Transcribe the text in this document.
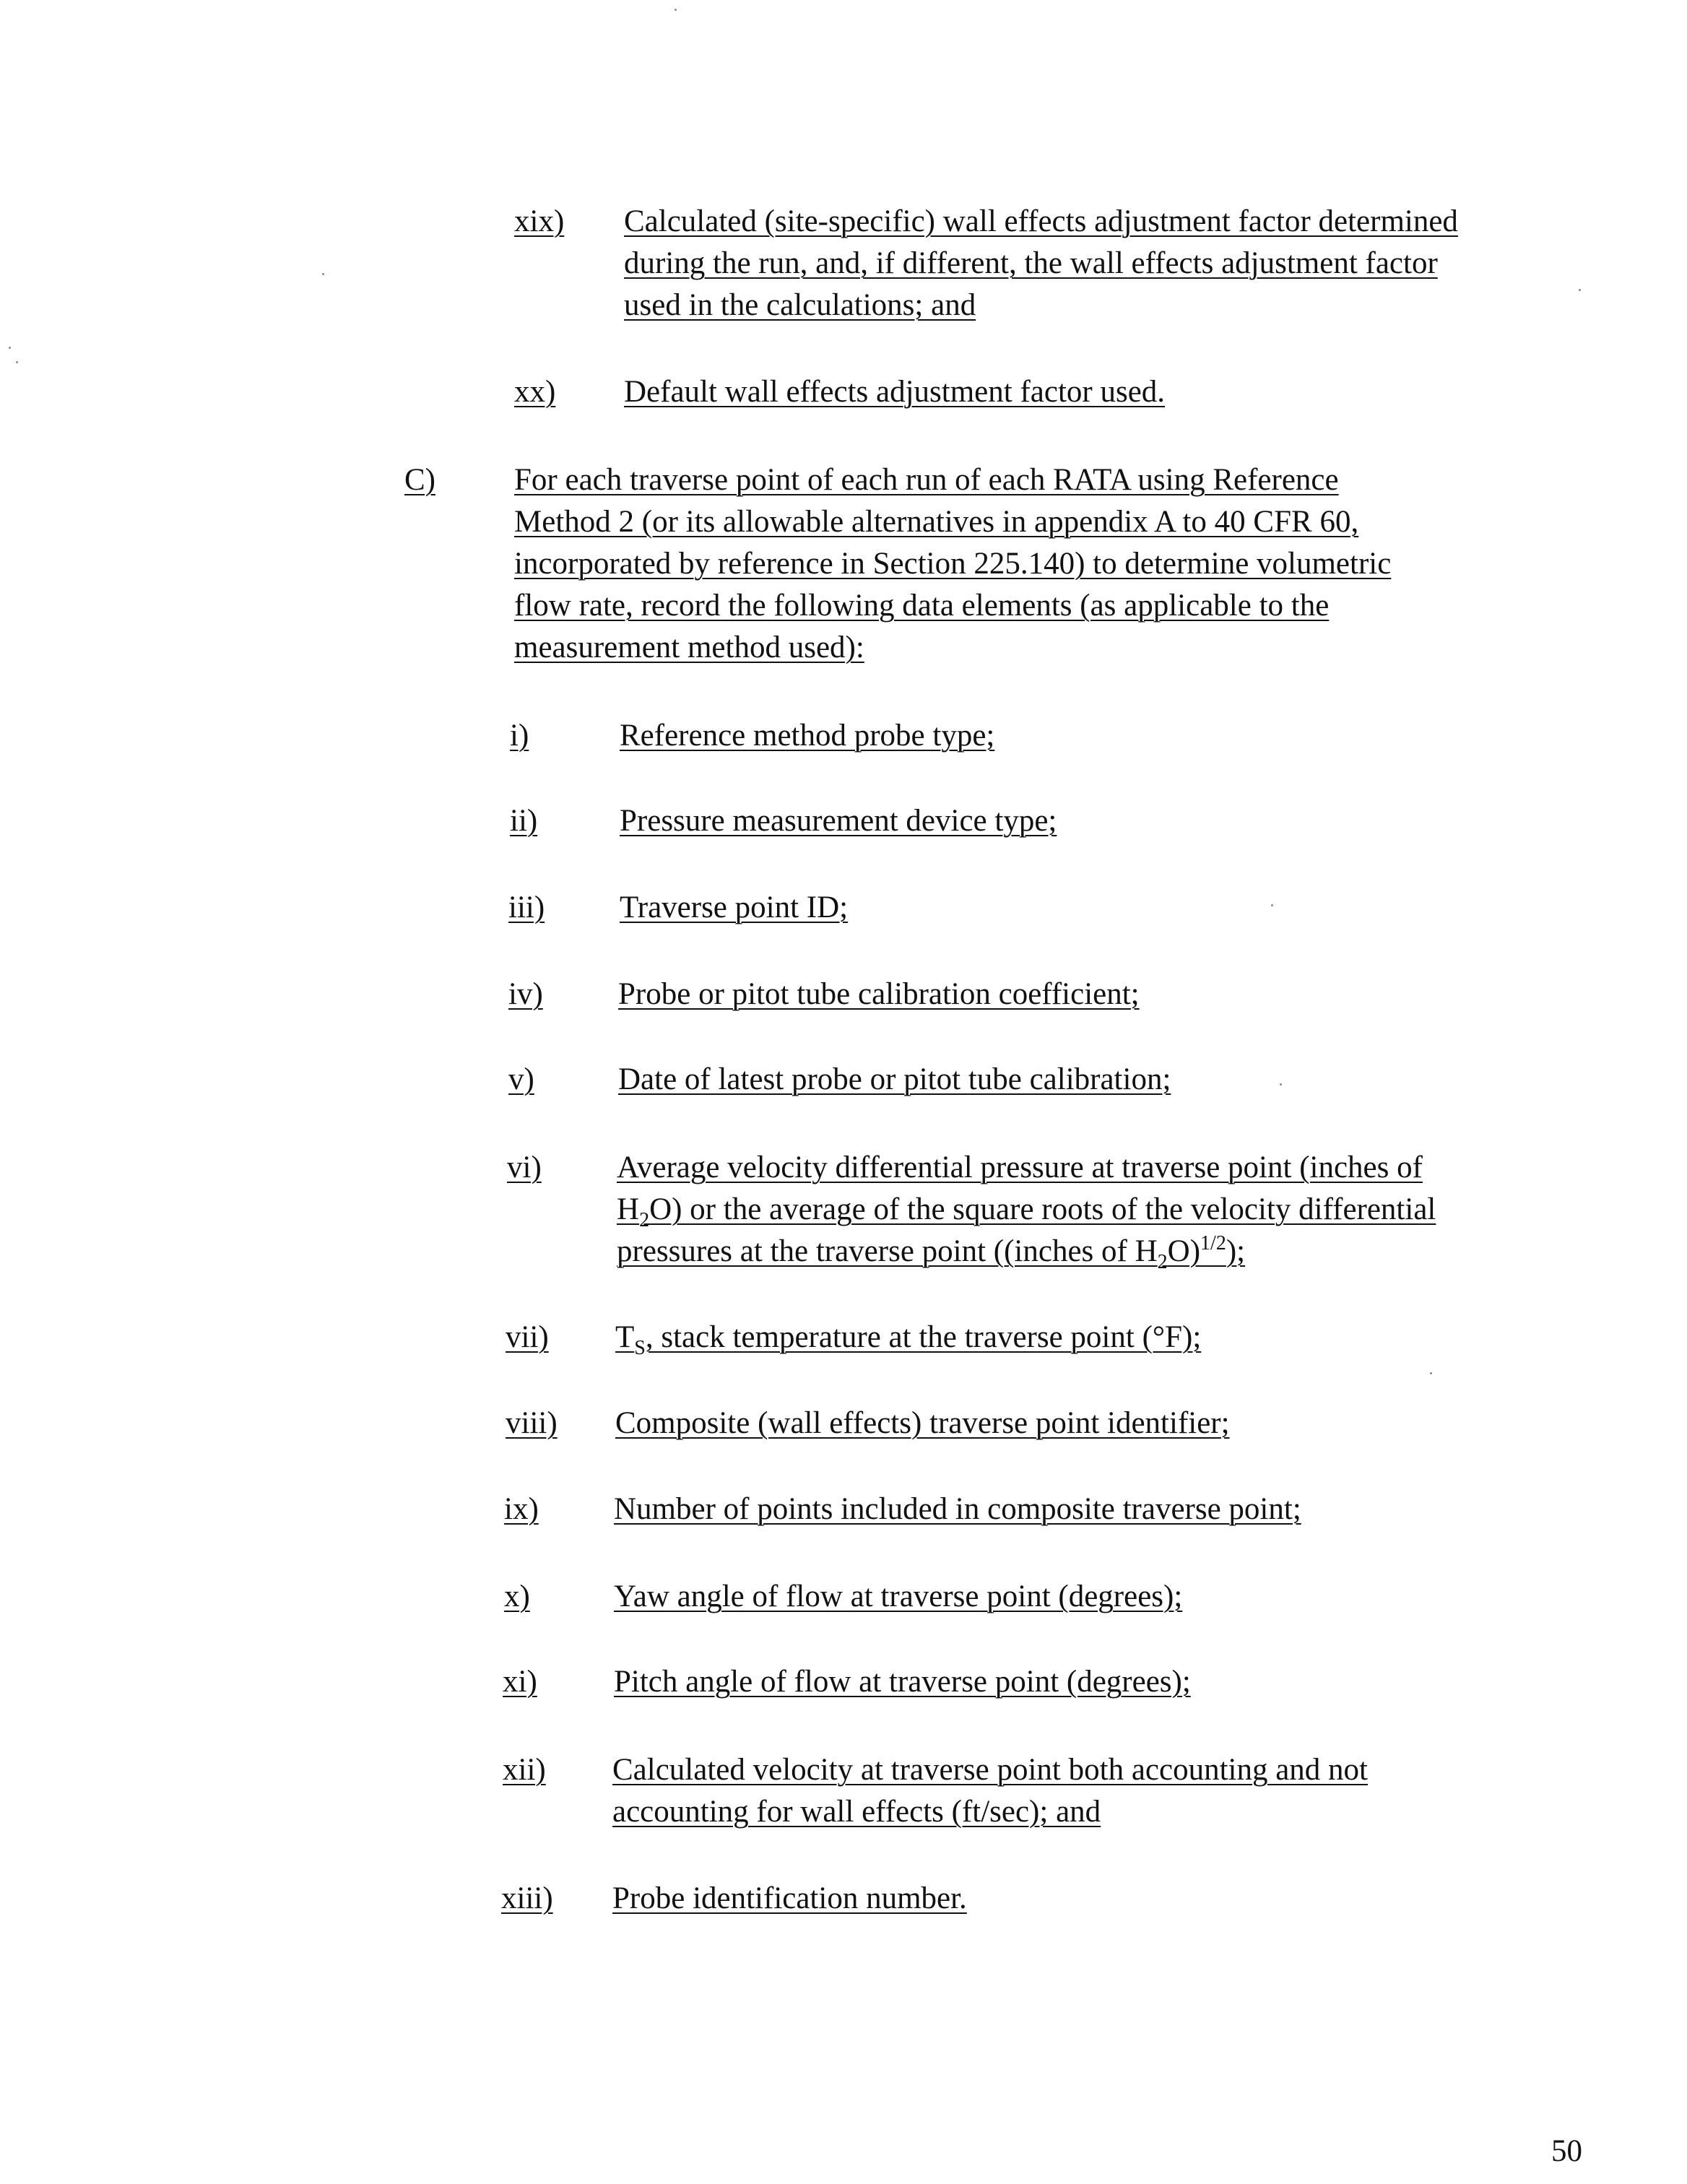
xix) Calculated (site-specific) wall effects adjustment factor determined
during the run, and, if different, the wall effects adjustment factor
used in the calculations; and
xx) Default wall effects adjustment factor used.
C)	For each traverse point of each run of each RATA using Reference
Method 2 (or its allowable alternatives in appendix A to 40 CFR 60,
incorporated by reference in Section 225.140) to determine volumetric
flow rate, record the following data elements (as applicable to the
measurement method used):
i)	Reference method probe type;
ii)	Pressure measurement device type;
iii) Traverse point ID;
iv) Probe or pitot tube calibration coefficient;
v)	Date of latest probe or pitot tube calibration;
vi) Average velocity differential pressure at traverse point (inches of
$H_2O$) or the average of the square roots of the velocity differential
pressures at the traverse point ((inches of $H_2O)^{1/2}$);
vii) $T_S$, stack temperature at the traverse point (°F);
viii) Composite (wall effects) traverse point identifier;
ix) Number of points included in composite traverse point;
x)	Yaw angle of flow at traverse point (degrees);
xi) Pitch angle of flow at traverse point (degrees);
xii) Calculated velocity at traverse point both accounting and not
accounting for wall effects (ft/sec); and
xiii) Probe identification number.
50
